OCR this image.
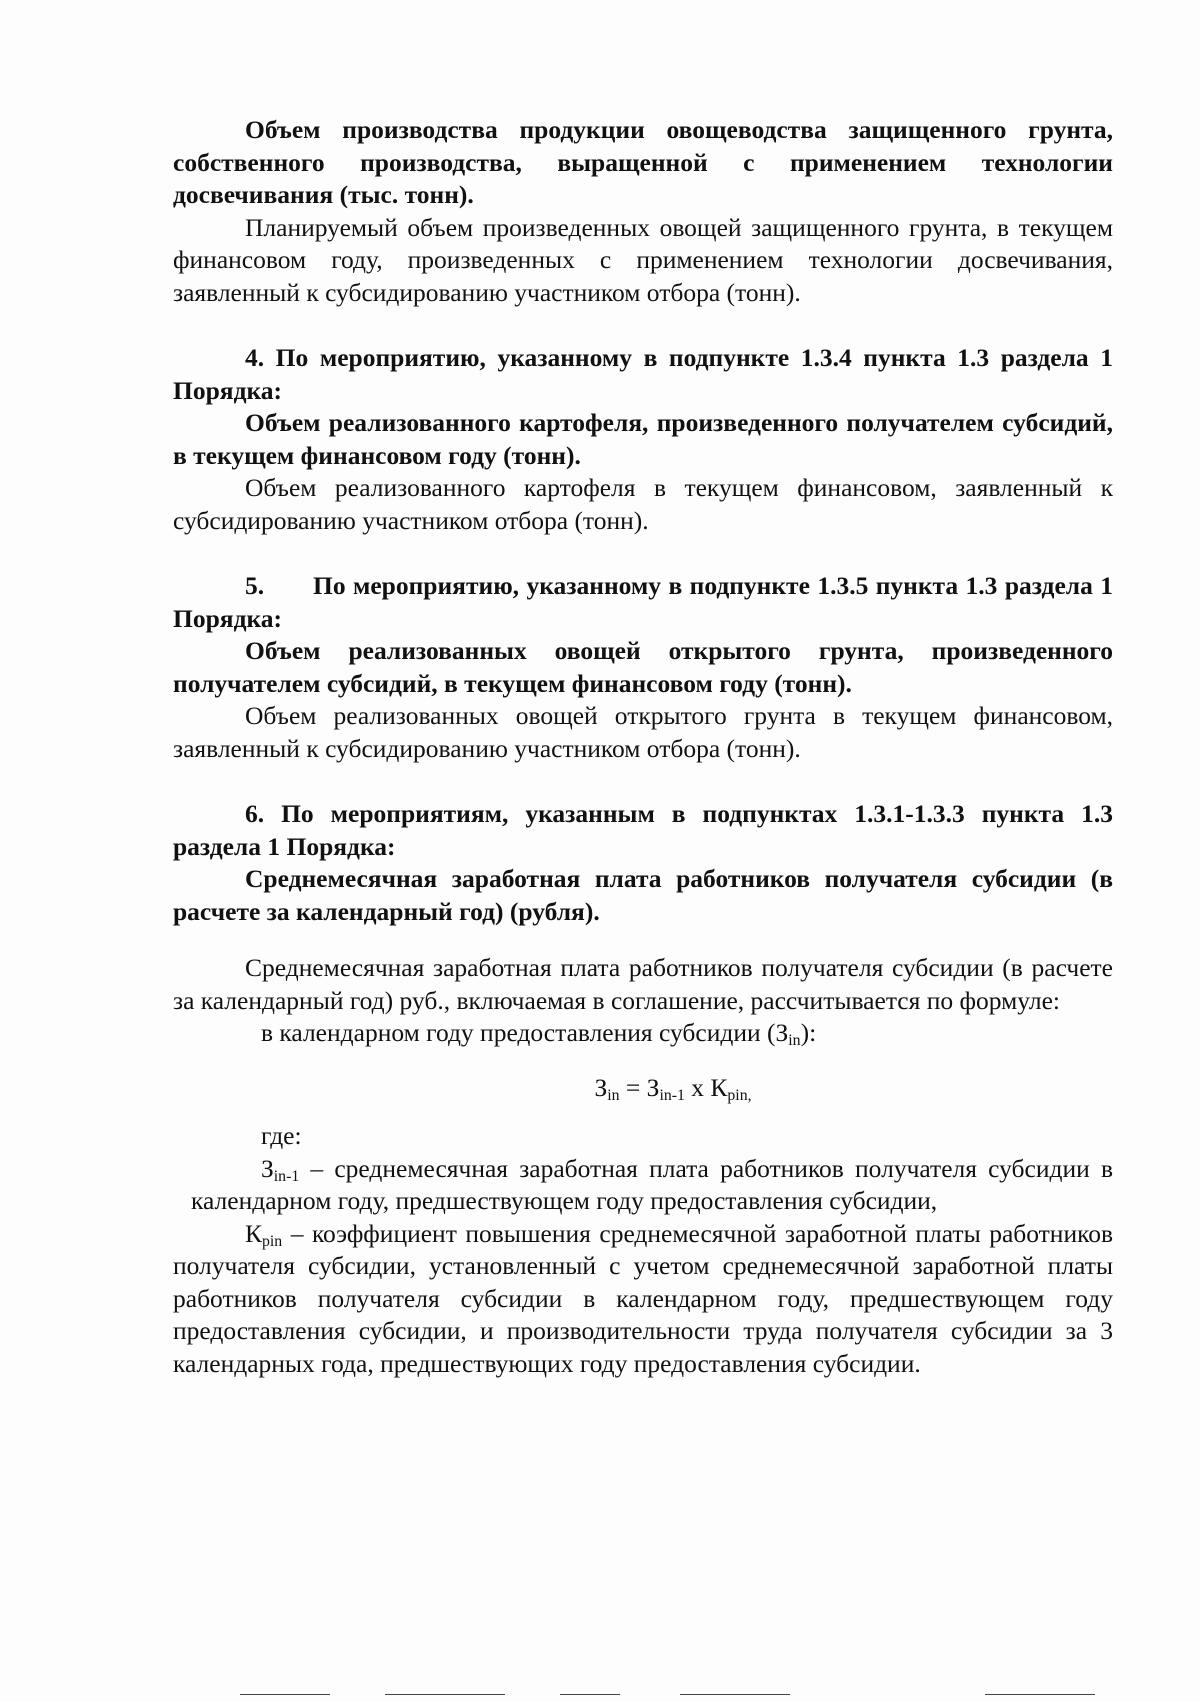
Объем производства продукции овощеводства защищенного грунта, собственного производства, выращенной с применением технологии досвечивания (тыс. тонн).

Планируемый объем произведенных овощей защищенного грунта, в текущем финансовом году, произведенных с применением технологии досвечивания, заявленный к субсидированию участником отбора (тонн).

4. По мероприятию, указанному в подпункте 1.3.4 пункта 1.3 раздела 1 Порядка:

Объем реализованного картофеля, произведенного получателем субсидий, в текущем финансовом году (тонн).

Объем реализованного картофеля в текущем финансовом, заявленный к субсидированию участником отбора (тонн).

5. По мероприятию, указанному в подпункте 1.3.5 пункта 1.3 раздела 1 Порядка:

Объем реализованных овощей открытого грунта, произведенного получателем субсидий, в текущем финансовом году (тонн).

Объем реализованных овощей открытого грунта в текущем финансовом, заявленный к субсидированию участником отбора (тонн).

6. По мероприятиям, указанным в подпунктах 1.3.1-1.3.3 пункта 1.3 раздела 1 Порядка:

Среднемесячная заработная плата работников получателя субсидии (в расчете за календарный год) (рубля).

Среднемесячная заработная плата работников получателя субсидии (в расчете за календарный год) руб., включаемая в соглашение, рассчитывается по формуле:

в календарном году предоставления субсидии $(З_{in})$:

$З_{in} = З_{in-1}$ х $К_{pin,}$

где:

$З_{in-1}$ – среднемесячная заработная плата работников получателя субсидии в календарном году, предшествующем году предоставления субсидии,

$К_{pin}$ – коэффициент повышения среднемесячной заработной платы работников получателя субсидии, установленный с учетом среднемесячной заработной платы работников получателя субсидии в календарном году, предшествующем году предоставления субсидии, и производительности труда получателя субсидии за 3 календарных года, предшествующих году предоставления субсидии.
